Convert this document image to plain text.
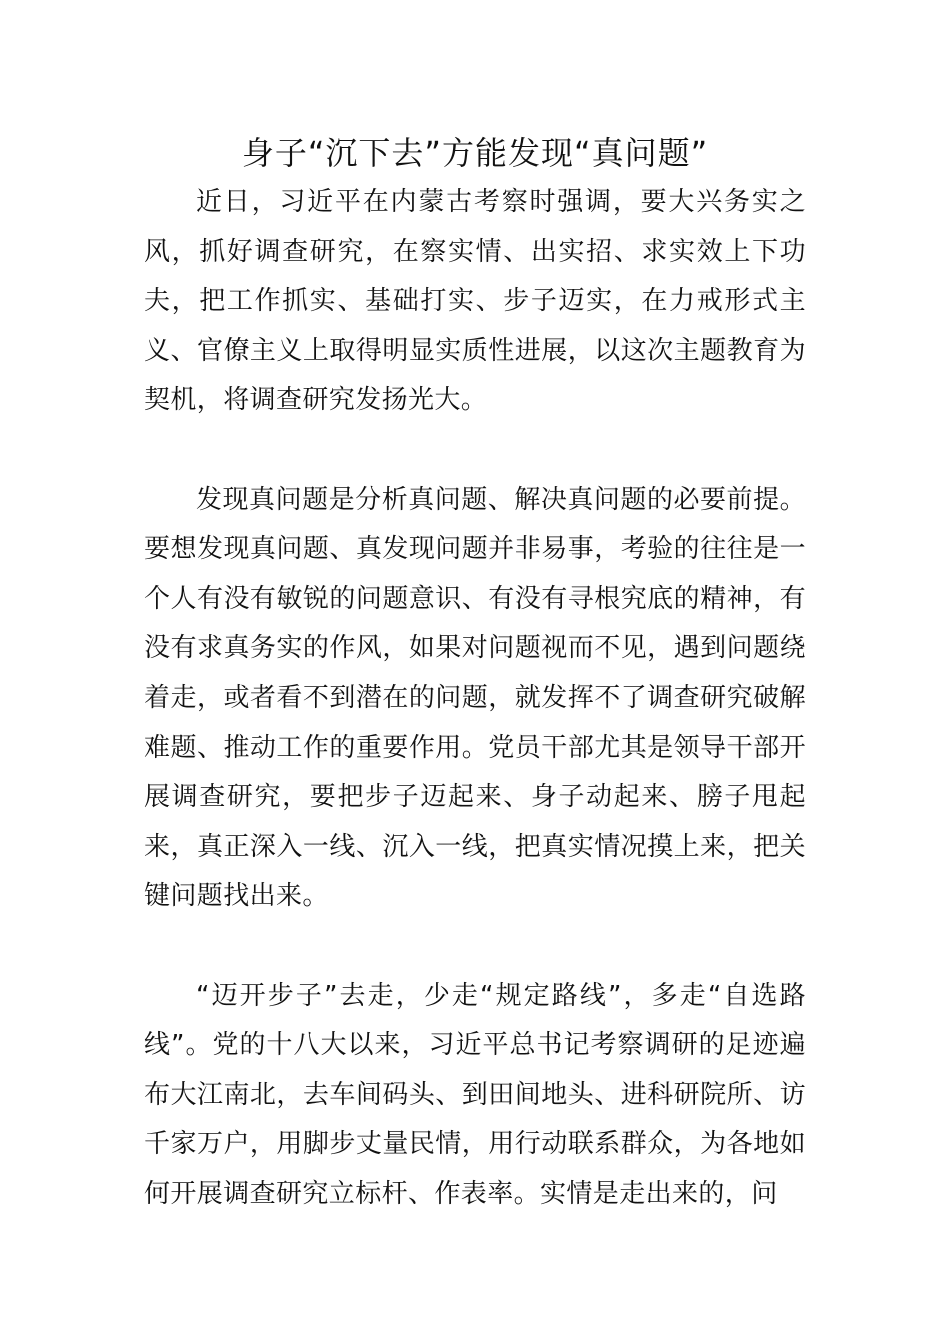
身子“沉下去”方能发现“真问题”

近日，习近平在内蒙古考察时强调，要大兴务实之风，抓好调查研究，在察实情、出实招、求实效上下功夫，把工作抓实、基础打实、步子迈实，在力戒形式主义、官僚主义上取得明显实质性进展，以这次主题教育为契机，将调查研究发扬光大。

发现真问题是分析真问题、解决真问题的必要前提。要想发现真问题、真发现问题并非易事，考验的往往是一个人有没有敏锐的问题意识、有没有寻根究底的精神，有没有求真务实的作风，如果对问题视而不见，遇到问题绕着走，或者看不到潜在的问题，就发挥不了调查研究破解难题、推动工作的重要作用。党员干部尤其是领导干部开展调查研究，要把步子迈起来、身子动起来、膀子甩起来，真正深入一线、沉入一线，把真实情况摸上来，把关键问题找出来。

“迈开步子”去走，少走“规定路线”，多走“自选路线”。党的十八大以来，习近平总书记考察调研的足迹遍布大江南北，去车间码头、到田间地头、进科研院所、访千家万户，用脚步丈量民情，用行动联系群众，为各地如何开展调查研究立标杆、作表率。实情是走出来的，问
